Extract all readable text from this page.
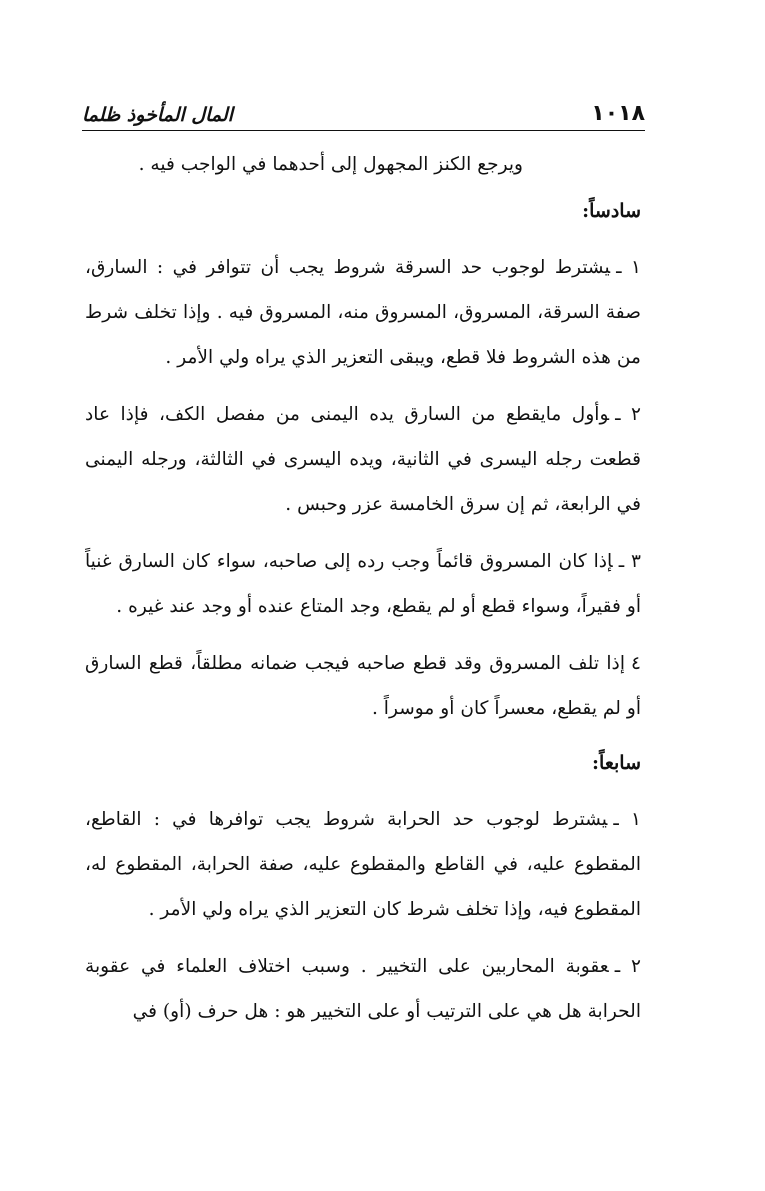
١٠١٨
المال المأخوذ ظلما

ويرجع الكنز المجهول إلى أحدهما في الواجب فيه .

سادساً:

١ ـيشترط لوجوب حد السرقة شروط يجب أن تتوافر في : السارق، صفة السرقة، المسروق، المسروق منه، المسروق فيه . وإذا تخلف شرط من هذه الشروط فلا قطع، ويبقى التعزير الذي يراه ولي الأمر .

٢ ـوأول مايقطع من السارق يده اليمنى من مفصل الكف، فإذا عاد قطعت رجله اليسرى في الثانية، ويده اليسرى في الثالثة، ورجله اليمنى في الرابعة، ثم إن سرق الخامسة عزر وحبس .

٣ ـإذا كان المسروق قائماً وجب رده إلى صاحبه، سواء كان السارق غنياً أو فقيراً، وسواء قطع أو لم يقطع، وجد المتاع عنده أو وجد عند غيره .

٤إذا تلف المسروق وقد قطع صاحبه فيجب ضمانه مطلقاً، قطع السارق أو لم يقطع، معسراً كان أو موسراً .

سابعاً:

١ ـيشترط لوجوب حد الحرابة شروط يجب توافرها في : القاطع، المقطوع عليه، في القاطع والمقطوع عليه، صفة الحرابة، المقطوع له، المقطوع فيه، وإذا تخلف شرط كان التعزير الذي يراه ولي الأمر .

٢ ـعقوبة المحاربين على التخيير . وسبب اختلاف العلماء في عقوبة الحرابة هل هي على الترتيب أو على التخيير هو : هل حرف (أو) في
